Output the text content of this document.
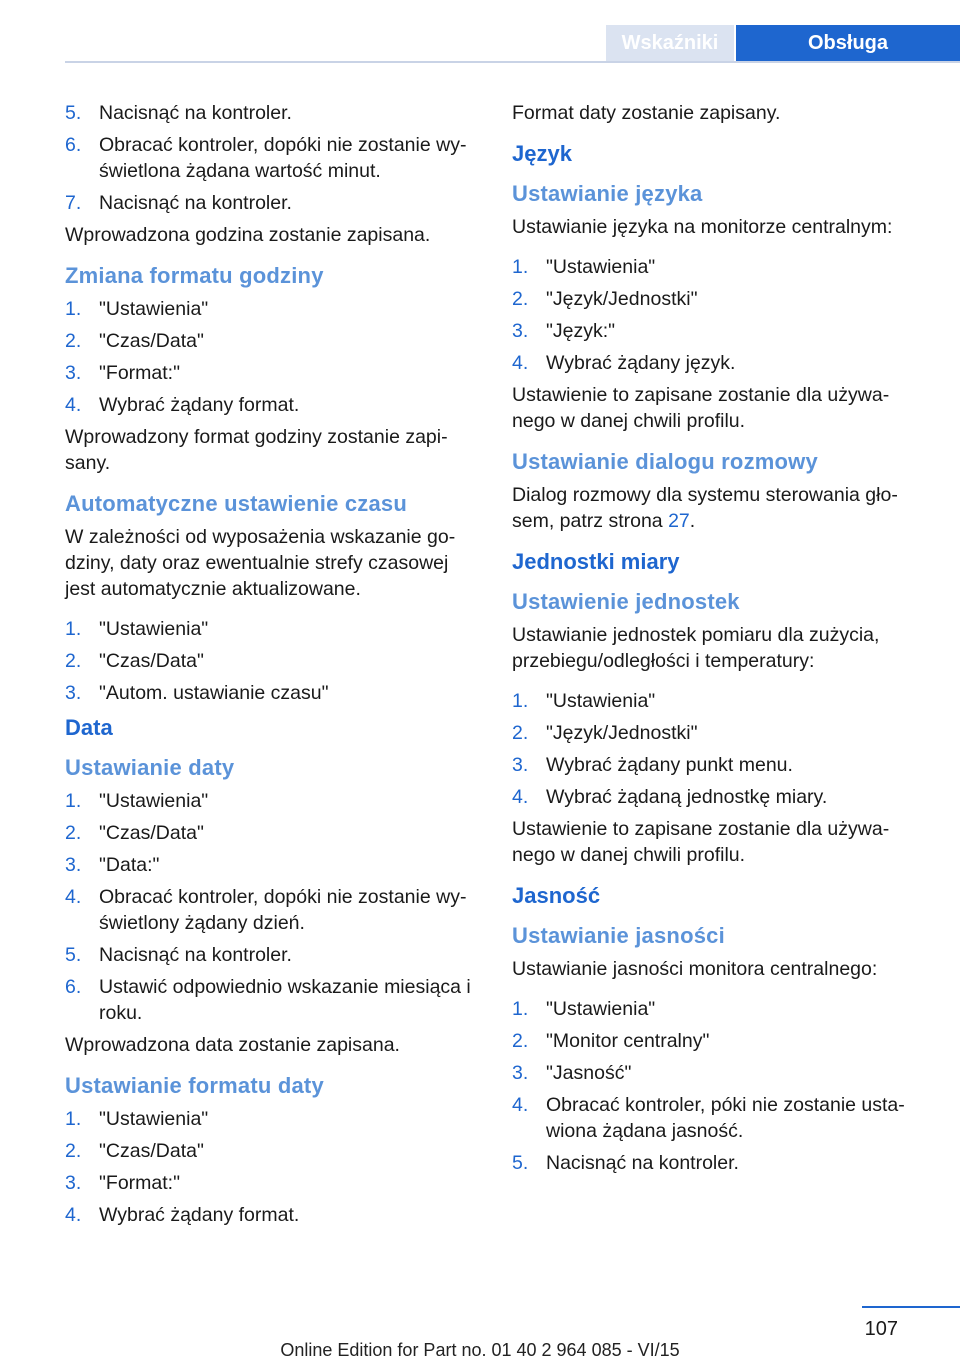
Wskaźniki	Obsługa
5. Nacisnąć na kontroler.
6. Obracać kontroler, dopóki nie zostanie wy‐świetlona żądana wartość minut.
7. Nacisnąć na kontroler.

Wprowadzona godzina zostanie zapisana.

Zmiana formatu godziny
1. "Ustawienia"
2. "Czas/Data"
3. "Format:"
4. Wybrać żądany format.

Wprowadzony format godziny zostanie zapi‐sany.

Automatyczne ustawienie czasu

W zależności od wyposażenia wskazanie go‐dziny, daty oraz ewentualnie strefy czasowej jest automatycznie aktualizowane.

1. "Ustawienia"
2. "Czas/Data"
3. "Autom. ustawianie czasu"
Data
Ustawianie daty
1. "Ustawienia"
2. "Czas/Data"
3. "Data:"
4. Obracać kontroler, dopóki nie zostanie wy‐świetlony żądany dzień.
5. Nacisnąć na kontroler.
6. Ustawić odpowiednio wskazanie miesiąca i roku.

Wprowadzona data zostanie zapisana.

Ustawianie formatu daty
1. "Ustawienia"
2. "Czas/Data"
3. "Format:"
4. Wybrać żądany format.

Format daty zostanie zapisany.

Język
Ustawianie języka

Ustawianie języka na monitorze centralnym:

1. "Ustawienia"
2. "Język/Jednostki"
3. "Język:"
4. Wybrać żądany język.

Ustawienie to zapisane zostanie dla używa‐nego w danej chwili profilu.

Ustawianie dialogu rozmowy

Dialog rozmowy dla systemu sterowania gło‐sem, patrz strona 27.

Jednostki miary
Ustawienie jednostek

Ustawianie jednostek pomiaru dla zużycia, przebiegu/odległości i temperatury:

1. "Ustawienia"
2. "Język/Jednostki"
3. Wybrać żądany punkt menu.
4. Wybrać żądaną jednostkę miary.

Ustawienie to zapisane zostanie dla używa‐nego w danej chwili profilu.

Jasność
Ustawianie jasności

Ustawianie jasności monitora centralnego:

1. "Ustawienia"
2. "Monitor centralny"
3. "Jasność"
4. Obracać kontroler, póki nie zostanie usta‐wiona żądana jasność.
5. Nacisnąć na kontroler.
107
Online Edition for Part no. 01 40 2 964 085 - VI/15
